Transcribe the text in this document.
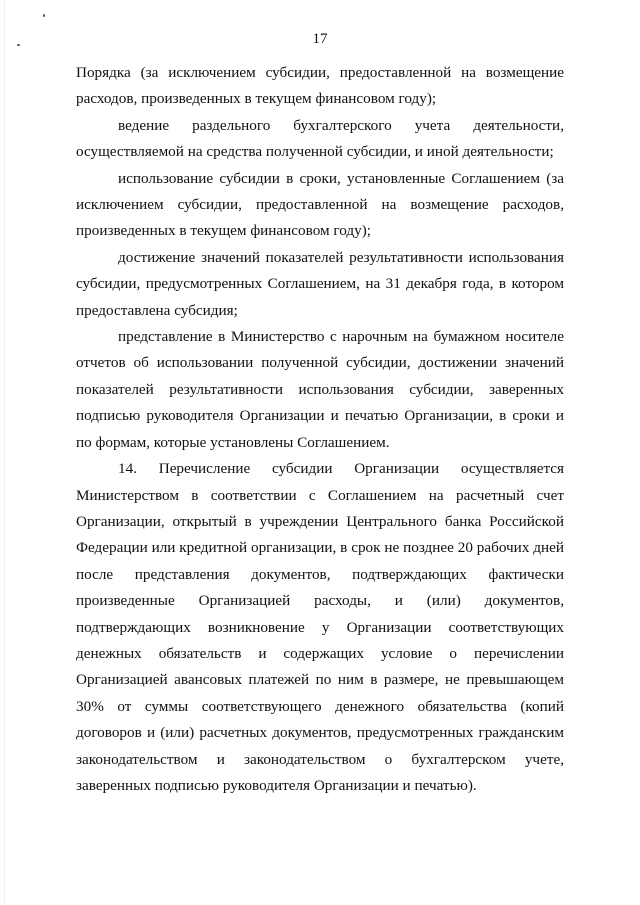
17

Порядка (за исключением субсидии, предоставленной на возмещение расходов, произведенных в текущем финансовом году);

ведение раздельного бухгалтерского учета деятельности, осуществляемой на средства полученной субсидии, и иной деятельности;

использование субсидии в сроки, установленные Соглашением (за исключением субсидии, предоставленной на возмещение расходов, произведенных в текущем финансовом году);

достижение значений показателей результативности использования субсидии, предусмотренных Соглашением, на 31 декабря года, в котором предоставлена субсидия;

представление в Министерство с нарочным на бумажном носителе отчетов об использовании полученной субсидии, достижении значений показателей результативности использования субсидии, заверенных подписью руководителя Организации и печатью Организации, в сроки и по формам, которые установлены Соглашением.

14. Перечисление субсидии Организации осуществляется Министерством в соответствии с Соглашением на расчетный счет Организации, открытый в учреждении Центрального банка Российской Федерации или кредитной организации, в срок не позднее 20 рабочих дней после представления документов, подтверждающих фактически произведенные Организацией расходы, и (или) документов, подтверждающих возникновение у Организации соответствующих денежных обязательств и содержащих условие о перечислении Организацией авансовых платежей по ним в размере, не превышающем 30% от суммы соответствующего денежного обязательства (копий договоров и (или) расчетных документов, предусмотренных гражданским законодательством и законодательством о бухгалтерском учете, заверенных подписью руководителя Организации и печатью).
